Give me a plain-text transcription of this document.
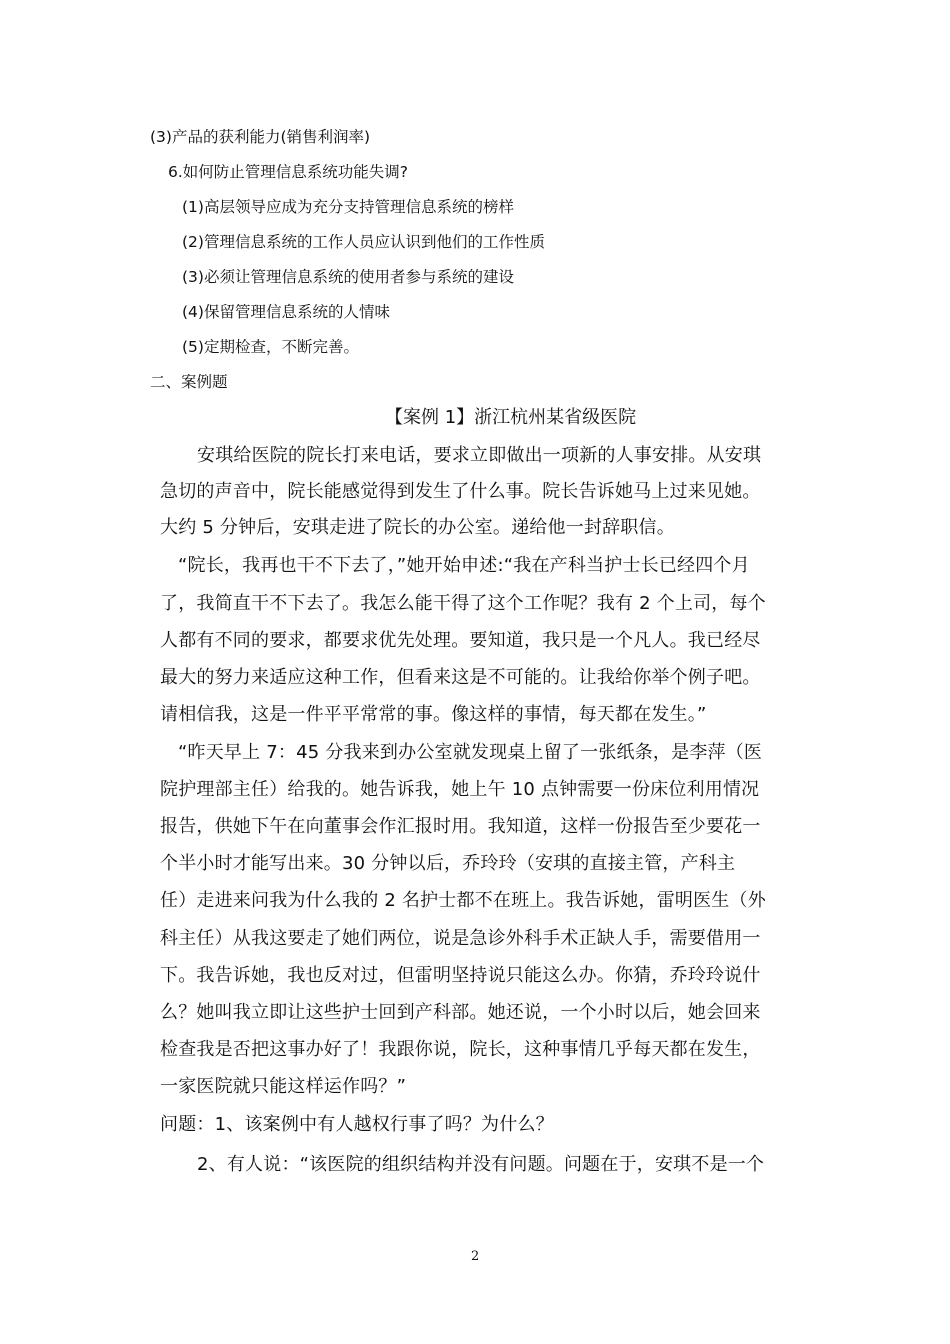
(3)产品的获利能力(销售利润率)
6.如何防止管理信息系统功能失调?
(1)高层领导应成为充分支持管理信息系统的榜样
(2)管理信息系统的工作人员应认识到他们的工作性质
(3)必须让管理信息系统的使用者参与系统的建设
(4)保留管理信息系统的人情味
(5)定期检查，不断完善。
二、案例题
【案例 1】浙江杭州某省级医院
安琪给医院的院长打来电话，要求立即做出一项新的人事安排。从安琪
急切的声音中，院长能感觉得到发生了什么事。院长告诉她马上过来见她。
大约 5 分钟后，安琪走进了院长的办公室。递给他一封辞职信。
“院长，我再也干不下去了，”她开始申述:“我在产科当护士长已经四个月
了，我简直干不下去了。我怎么能干得了这个工作呢？我有 2 个上司，每个
人都有不同的要求，都要求优先处理。要知道，我只是一个凡人。我已经尽
最大的努力来适应这种工作，但看来这是不可能的。让我给你举个例子吧。
请相信我，这是一件平平常常的事。像这样的事情，每天都在发生。”
“昨天早上 7：45 分我来到办公室就发现桌上留了一张纸条，是李萍（医
院护理部主任）给我的。她告诉我，她上午 10 点钟需要一份床位利用情况
报告，供她下午在向董事会作汇报时用。我知道，这样一份报告至少要花一
个半小时才能写出来。30 分钟以后，乔玲玲（安琪的直接主管，产科主
任）走进来问我为什么我的 2 名护士都不在班上。我告诉她，雷明医生（外
科主任）从我这要走了她们两位，说是急诊外科手术正缺人手，需要借用一
下。我告诉她，我也反对过，但雷明坚持说只能这么办。你猜，乔玲玲说什
么？她叫我立即让这些护士回到产科部。她还说，一个小时以后，她会回来
检查我是否把这事办好了！我跟你说，院长，这种事情几乎每天都在发生，
一家医院就只能这样运作吗？”
问题：1、该案例中有人越权行事了吗？为什么？
2、有人说：“该医院的组织结构并没有问题。问题在于，安琪不是一个
2
